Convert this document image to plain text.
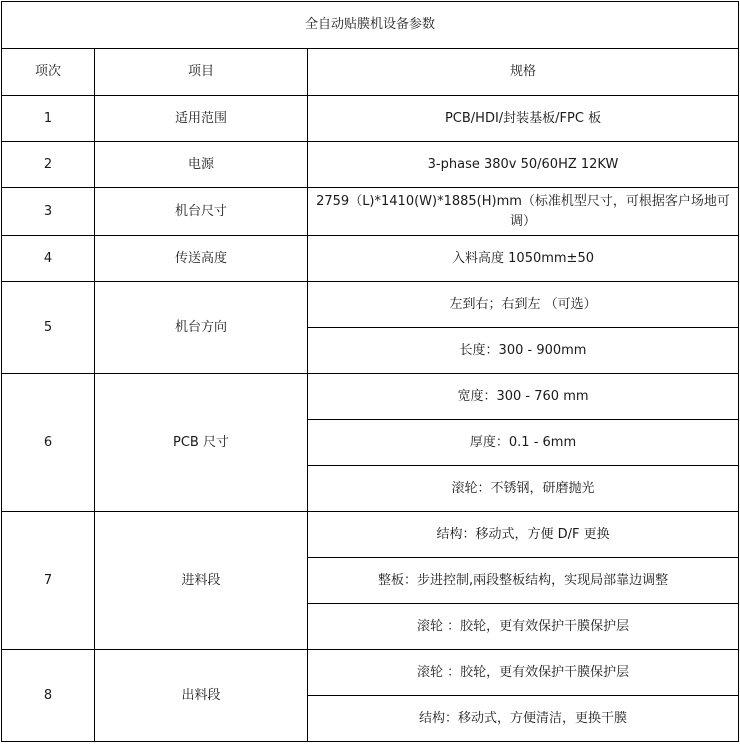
全自动贴膜机设备参数		
项次	项目	规格
1	适用范围	PCB/HDI/封装基板/FPC 板
2	电源	3-phase 380v 50/60HZ 12KW
3	机台尺寸	2759（L)*1410(W)*1885(H)mm（标准机型尺寸，可根据客户场地可调）
4	传送高度	入料高度 1050mm±50
5	机台方向	左到右；右到左 （可选）
		长度：300 - 900mm
6	PCB 尺寸	宽度：300 - 760 mm
		厚度：0.1 - 6mm
		滚轮：不锈钢，研磨抛光
7	进料段	结构：移动式，方便 D/F 更换
		整板：步进控制,兩段整板结构，实现局部靠边调整
		滚轮 ：胶轮，更有效保护干膜保护层
8	出料段	滚轮 ：胶轮，更有效保护干膜保护层
		结构：移动式，方便清洁，更换干膜
